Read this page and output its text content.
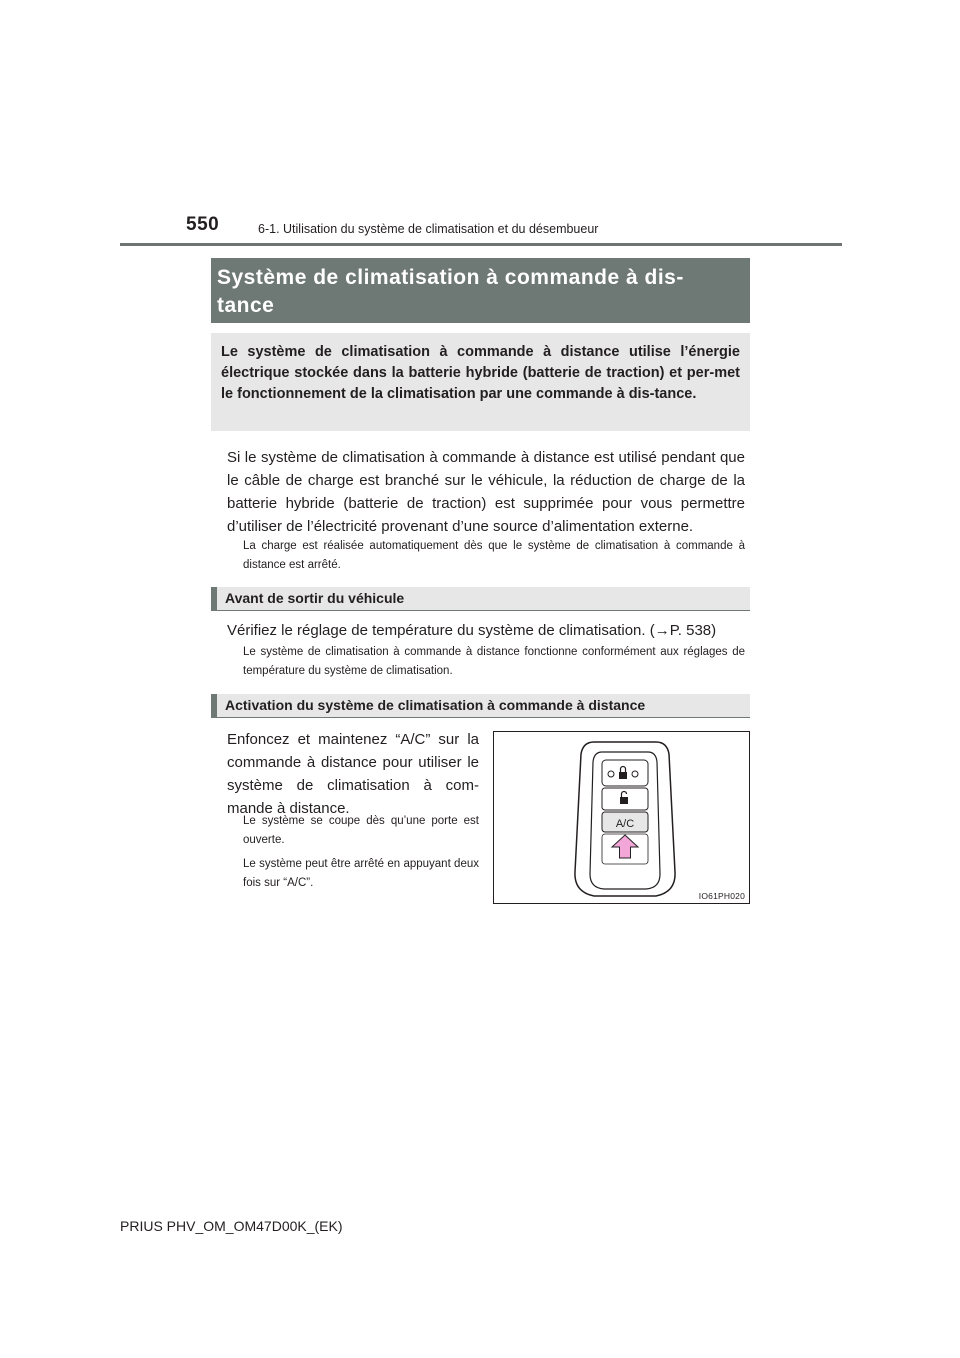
550	6-1. Utilisation du système de climatisation et du désembueur
Système de climatisation à commande à dis-
tance
Le système de climatisation à commande à distance utilise l’énergie électrique stockée dans la batterie hybride (batterie de traction) et per-met le fonctionnement de la climatisation par une commande à dis-tance.
Si le système de climatisation à commande à distance est utilisé pendant que le câble de charge est branché sur le véhicule, la réduction de charge de la batterie hybride (batterie de traction) est supprimée pour vous permettre d’utiliser de l’électricité provenant d’une source d’alimentation externe.
La charge est réalisée automatiquement dès que le système de climatisation à commande à distance est arrêté.
Avant de sortir du véhicule
Vérifiez le réglage de température du système de climatisation. (→P. 538)
Le système de climatisation à commande à distance fonctionne conformément aux réglages de température du système de climatisation.
Activation du système de climatisation à commande à distance
Enfoncez et maintenez “A/C” sur la commande à distance pour utiliser le système de climatisation à com-mande à distance.
Le système se coupe dès qu’une porte est ouverte.
Le système peut être arrêté en appuyant deux fois sur “A/C”.
A/C
IO61PH020
PRIUS PHV_OM_OM47D00K_(EK)
